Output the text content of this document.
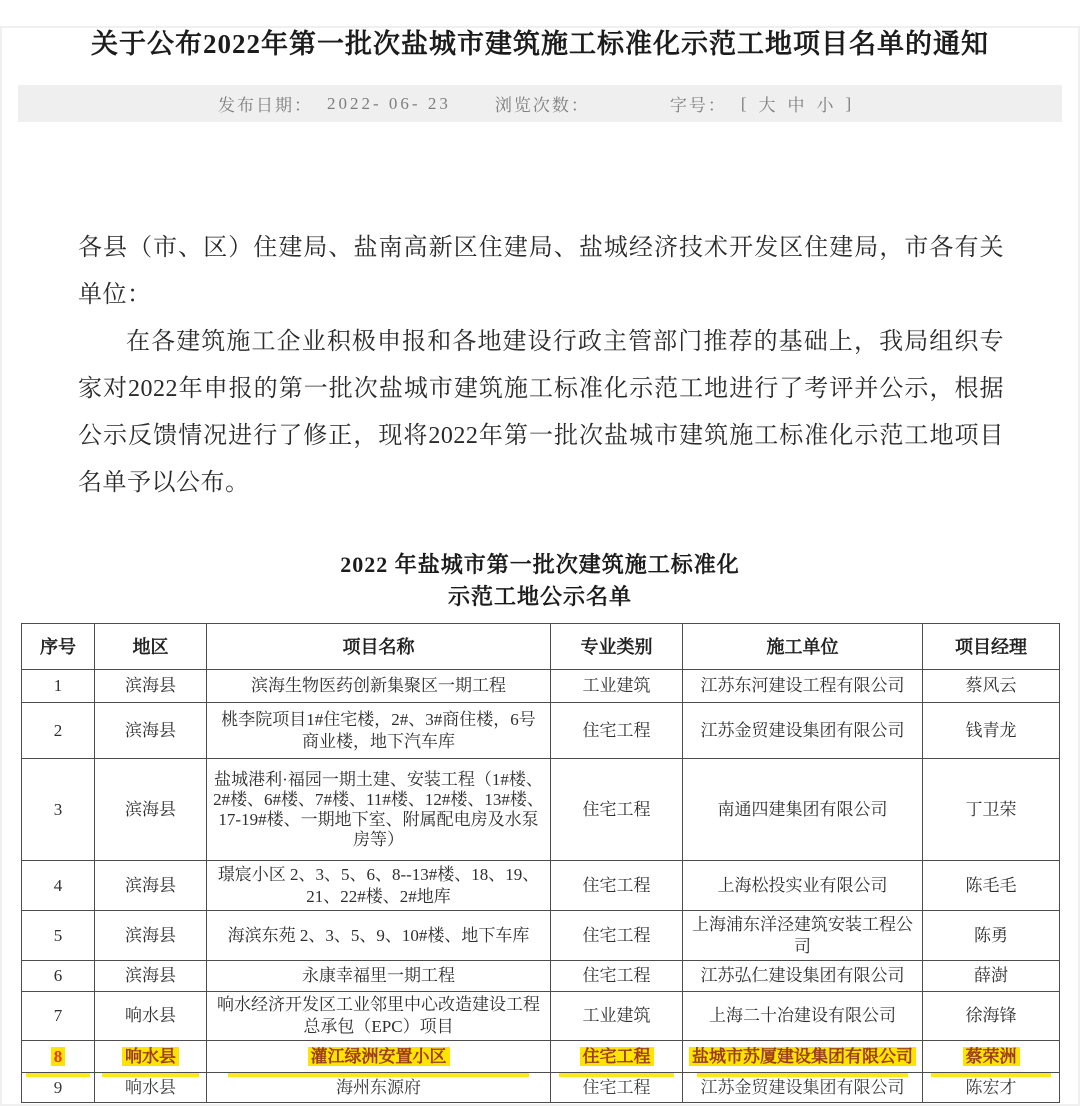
关于公布2022年第一批次盐城市建筑施工标准化示范工地项目名单的通知
发布日期： 2022- 06- 23	浏览次数：	字号： [ 大 中 小 ]

各县（市、区）住建局、盐南高新区住建局、盐城经济技术开发区住建局，市各有关单位：

在各建筑施工企业积极申报和各地建设行政主管部门推荐的基础上，我局组织专家对2022年申报的第一批次盐城市建筑施工标准化示范工地进行了考评并公示，根据公示反馈情况进行了修正，现将2022年第一批次盐城市建筑施工标准化示范工地项目名单予以公布。

2022 年盐城市第一批次建筑施工标准化
示范工地公示名单
序号	地区	项目名称	专业类别	施工单位	项目经理
1	滨海县	滨海生物医药创新集聚区一期工程	工业建筑	江苏东河建设工程有限公司	蔡风云
2	滨海县	桃李院项目1#住宅楼，2#、3#商住楼，6号商业楼，地下汽车库	住宅工程	江苏金贸建设集团有限公司	钱青龙
3	滨海县	盐城港利·福园一期土建、安装工程（1#楼、2#楼、6#楼、7#楼、11#楼、12#楼、13#楼、17-19#楼、一期地下室、附属配电房及水泵房等）	住宅工程	南通四建集团有限公司	丁卫荣
4	滨海县	璟宸小区 2、3、5、6、8--13#楼、18、19、21、22#楼、2#地库	住宅工程	上海松投实业有限公司	陈毛毛
5	滨海县	海滨东苑 2、3、5、9、10#楼、地下车库	住宅工程	上海浦东洋泾建筑安装工程公司	陈勇
6	滨海县	永康幸福里一期工程	住宅工程	江苏弘仁建设集团有限公司	薛澍
7	响水县	响水经济开发区工业邻里中心改造建设工程总承包（EPC）项目	工业建筑	上海二十冶建设有限公司	徐海锋
8	响水县	灌江绿洲安置小区	住宅工程	盐城市苏厦建设集团有限公司	蔡荣洲
9	响水县	海州东源府	住宅工程	江苏金贸建设集团有限公司	陈宏才
